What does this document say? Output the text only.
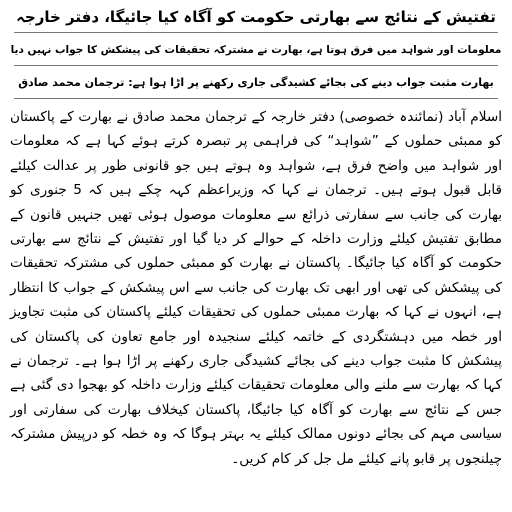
تفتیش کے نتائج سے بھارتی حکومت کو آگاہ کیا جائیگا، دفتر خارجہ
معلومات اور شواہد میں فرق ہوتا ہے، بھارت نے مشترکہ تحقیقات کی پیشکش کا جواب نہیں دیا
بھارت مثبت جواب دینے کی بجائے کشیدگی جاری رکھنے پر اڑا ہوا ہے: ترجمان محمد صادق
اسلام آباد (نمائندہ خصوصی) دفتر خارجہ کے ترجمان محمد صادق نے بھارت کے پاکستان کو ممبئی حملوں کے ”شواہد“ کی فراہمی پر تبصرہ کرتے ہوئے کہا ہے کہ معلومات اور شواہد میں واضح فرق ہے، شواہد وہ ہوتے ہیں جو قانونی طور پر عدالت کیلئے قابل قبول ہوتے ہیں۔ ترجمان نے کہا کہ وزیراعظم کہہ چکے ہیں کہ 5 جنوری کو بھارت کی جانب سے سفارتی ذرائع سے معلومات موصول ہوئی تھیں جنہیں قانون کے مطابق تفتیش کیلئے وزارت داخلہ کے حوالے کر دیا گیا اور تفتیش کے نتائج سے بھارتی حکومت کو آگاہ کیا جائیگا۔ پاکستان نے بھارت کو ممبئی حملوں کی مشترکہ تحقیقات کی پیشکش کی تھی اور ابھی تک بھارت کی جانب سے اس پیشکش کے جواب کا انتظار ہے، انہوں نے کہا کہ بھارت ممبئی حملوں کی تحقیقات کیلئے پاکستان کی مثبت تجاویز اور خطہ میں دہشتگردی کے خاتمہ کیلئے سنجیدہ اور جامع تعاون کی پاکستان کی پیشکش کا مثبت جواب دینے کی بجائے کشیدگی جاری رکھنے پر اڑا ہوا ہے۔ ترجمان نے کہا کہ بھارت سے ملنے والی معلومات تحقیقات کیلئے وزارت داخلہ کو بھجوا دی گئی ہے جس کے نتائج سے بھارت کو آگاہ کیا جائیگا، پاکستان کیخلاف بھارت کی سفارتی اور سیاسی مہم کی بجائے دونوں ممالک کیلئے یہ بہتر ہوگا کہ وہ خطہ کو درپیش مشترکہ چیلنجوں پر قابو پانے کیلئے مل جل کر کام کریں۔
